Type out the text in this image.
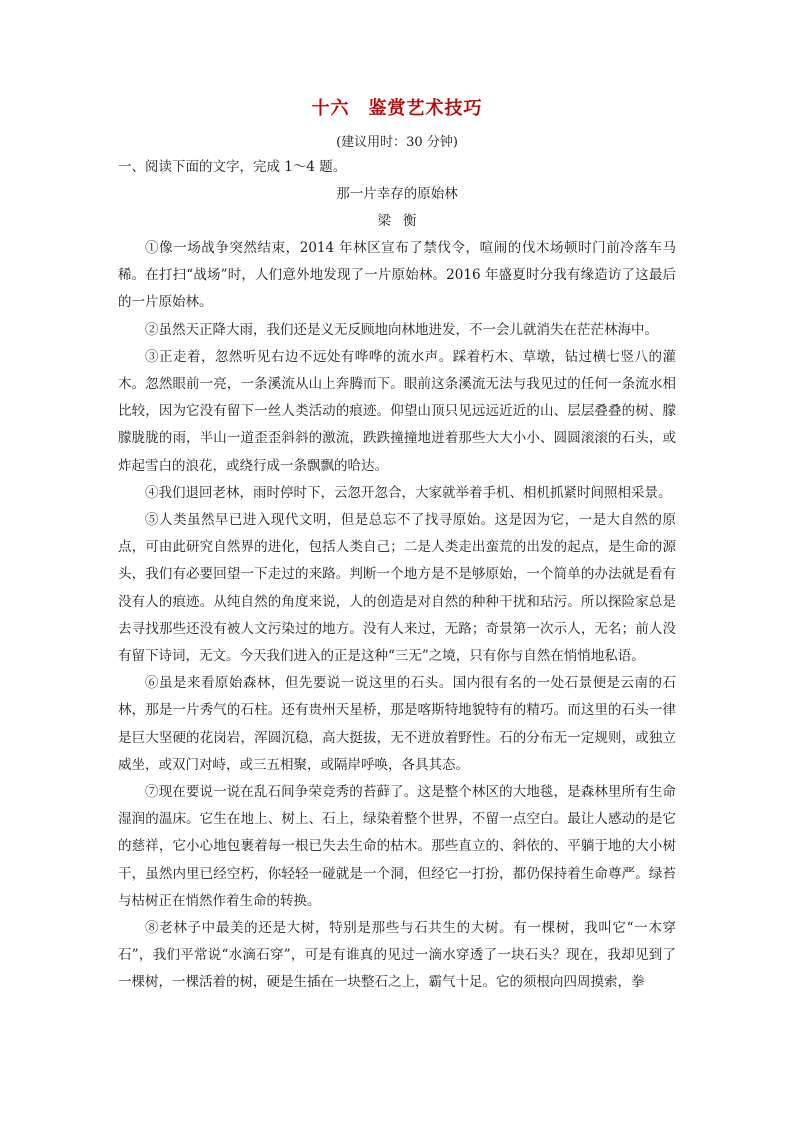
十六　鉴赏艺术技巧

(建议用时：30 分钟)

一、阅读下面的文字，完成 1～4 题。

那一片幸存的原始林

梁衡

①像一场战争突然结束，2014 年林区宣布了禁伐令，喧闹的伐木场顿时门前冷落车马稀。在打扫“战场”时，人们意外地发现了一片原始林。2016 年盛夏时分我有缘造访了这最后的一片原始林。

②虽然天正降大雨，我们还是义无反顾地向林地进发，不一会儿就消失在茫茫林海中。

③正走着，忽然听见右边不远处有哗哗的流水声。踩着朽木、草墩，钻过横七竖八的灌木。忽然眼前一亮，一条溪流从山上奔腾而下。眼前这条溪流无法与我见过的任何一条流水相比较，因为它没有留下一丝人类活动的痕迹。仰望山顶只见远远近近的山、层层叠叠的树、朦朦胧胧的雨，半山一道歪歪斜斜的激流，跌跌撞撞地迸着那些大大小小、圆圆滚滚的石头，或炸起雪白的浪花，或绕行成一条飘飘的哈达。

④我们退回老林，雨时停时下，云忽开忽合，大家就举着手机、相机抓紧时间照相采景。

⑤人类虽然早已进入现代文明，但是总忘不了找寻原始。这是因为它，一是大自然的原点，可由此研究自然界的进化，包括人类自己；二是人类走出蛮荒的出发的起点，是生命的源头，我们有必要回望一下走过的来路。判断一个地方是不是够原始，一个简单的办法就是看有没有人的痕迹。从纯自然的角度来说，人的创造是对自然的种种干扰和玷污。所以探险家总是去寻找那些还没有被人文污染过的地方。没有人来过，无路；奇景第一次示人，无名；前人没有留下诗词，无文。今天我们进入的正是这种“三无”之境，只有你与自然在悄悄地私语。

⑥虽是来看原始森林，但先要说一说这里的石头。国内很有名的一处石景便是云南的石林，那是一片秀气的石柱。还有贵州天星桥，那是喀斯特地貌特有的精巧。而这里的石头一律是巨大坚硬的花岗岩，浑圆沉稳，高大挺拔，无不迸放着野性。石的分布无一定规则，或独立威坐，或双门对峙，或三五相聚，或隔岸呼唤，各具其态。

⑦现在要说一说在乱石间争荣竞秀的苔藓了。这是整个林区的大地毯，是森林里所有生命湿润的温床。它生在地上、树上、石上，绿染着整个世界，不留一点空白。最让人感动的是它的慈祥，它小心地包裹着每一根已失去生命的枯木。那些直立的、斜依的、平躺于地的大小树干，虽然内里已经空朽，你轻轻一碰就是一个洞，但经它一打扮，都仍保持着生命尊严。绿苔与枯树正在悄然作着生命的转换。

⑧老林子中最美的还是大树，特别是那些与石共生的大树。有一棵树，我叫它“一木穿石”，我们平常说“水滴石穿”，可是有谁真的见过一滴水穿透了一块石头？现在，我却见到了一棵树，一棵活着的树，硬是生插在一块整石之上，霸气十足。它的须根向四周摸索，拳
